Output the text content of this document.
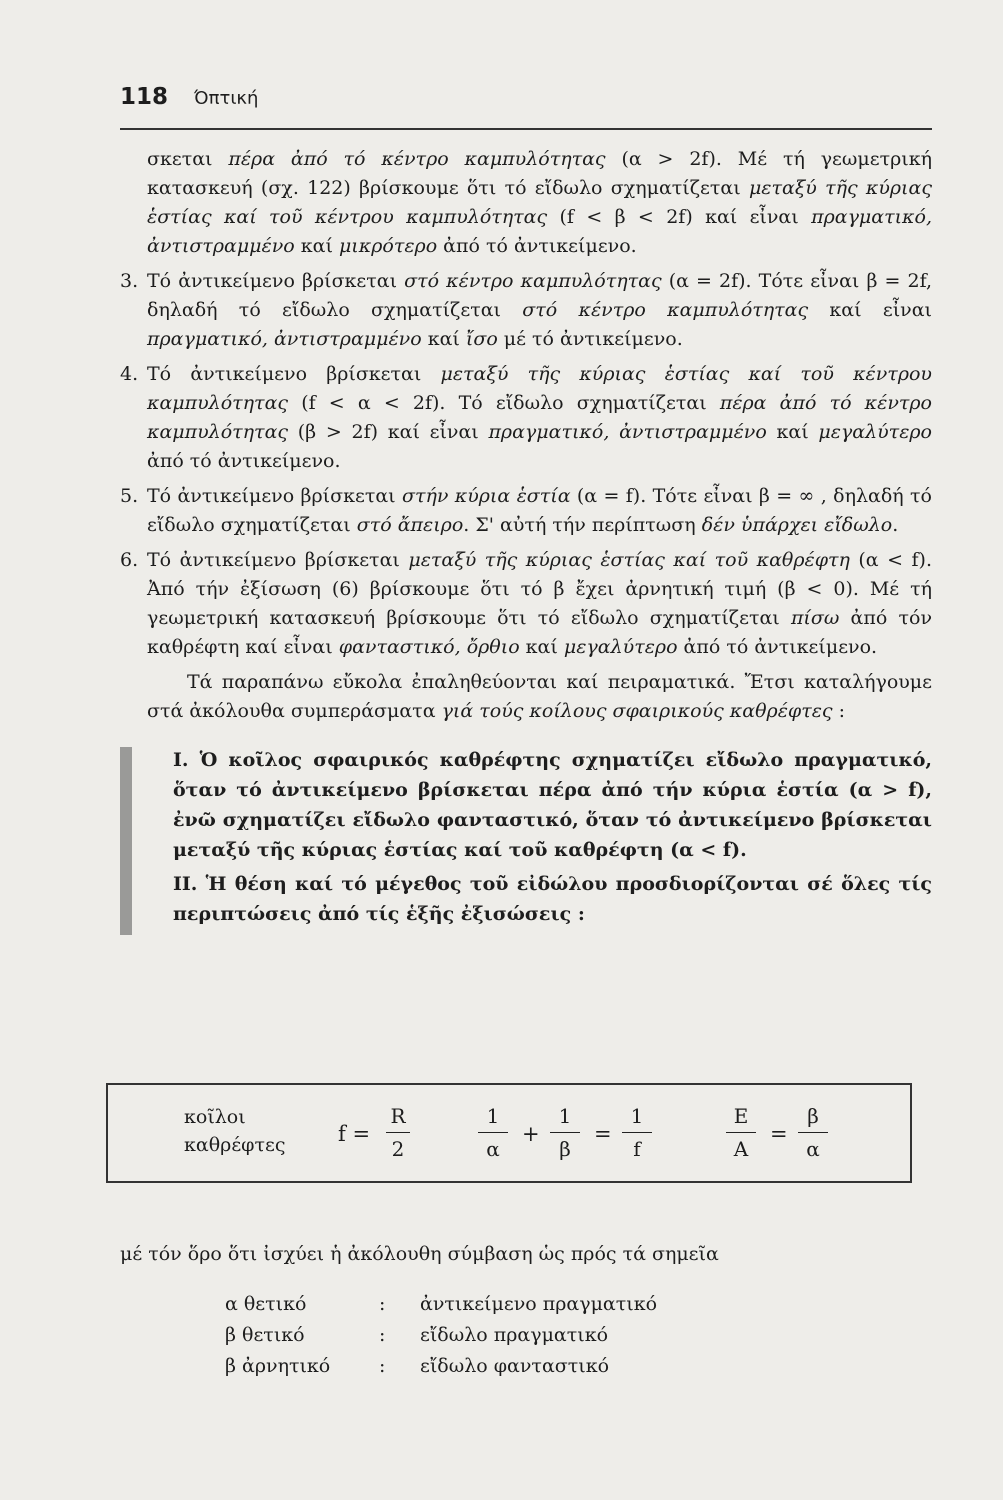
118 Όπτική

σκεται πέρα ἀπό τό κέντρο καμπυλότητας (α > 2f). Μέ τή γεωμετρική κατασκευή (σχ. 122) βρίσκουμε ὅτι τό εἴδωλο σχηματίζεται μεταξύ τῆς κύριας ἑστίας καί τοῦ κέντρου καμπυλότητας (f < β < 2f) καί εἶναι πραγματικό, ἀντιστραμμένο καί μικρότερο ἀπό τό ἀντικείμενο.

3. Τό ἀντικείμενο βρίσκεται στό κέντρο καμπυλότητας (α = 2f). Τότε εἶναι β = 2f, δηλαδή τό εἴδωλο σχηματίζεται στό κέντρο καμπυλότητας καί εἶναι πραγματικό, ἀντιστραμμένο καί ἴσο μέ τό ἀντικείμενο.
4. Τό ἀντικείμενο βρίσκεται μεταξύ τῆς κύριας ἑστίας καί τοῦ κέντρου καμπυλότητας (f < α < 2f). Τό εἴδωλο σχηματίζεται πέρα ἀπό τό κέντρο καμπυλότητας (β > 2f) καί εἶναι πραγματικό, ἀντιστραμμένο καί μεγαλύτερο ἀπό τό ἀντικείμενο.
5. Τό ἀντικείμενο βρίσκεται στήν κύρια ἑστία (α = f). Τότε εἶναι β = ∞ , δηλαδή τό εἴδωλο σχηματίζεται στό ἄπειρο. Σ' αὐτή τήν περίπτωση δέν ὑπάρχει εἴδωλο.
6. Τό ἀντικείμενο βρίσκεται μεταξύ τῆς κύριας ἑστίας καί τοῦ καθρέφτη (α < f). Ἀπό τήν ἐξίσωση (6) βρίσκουμε ὅτι τό β ἔχει ἀρνητική τιμή (β < 0). Μέ τή γεωμετρική κατασκευή βρίσκουμε ὅτι τό εἴδωλο σχηματίζεται πίσω ἀπό τόν καθρέφτη καί εἶναι φανταστικό, ὄρθιο καί μεγαλύτερο ἀπό τό ἀντικείμενο.

Τά παραπάνω εὔκολα ἐπαληθεύονται καί πειραματικά. Ἔτσι καταλήγουμε στά ἀκόλουθα συμπεράσματα γιά τούς κοίλους σφαιρικούς καθρέφτες :

Ι. Ὁ κοῖλος σφαιρικός καθρέφτης σχηματίζει εἴδωλο πραγματικό, ὅταν τό ἀντικείμενο βρίσκεται πέρα ἀπό τήν κύρια ἑστία (α > f), ἐνῶ σχηματίζει εἴδωλο φανταστικό, ὅταν τό ἀντικείμενο βρίσκεται μεταξύ τῆς κύριας ἑστίας καί τοῦ καθρέφτη (α < f).
ΙΙ. Ἡ θέση καί τό μέγεθος τοῦ εἰδώλου προσδιορίζονται σέ ὅλες τίς περιπτώσεις ἀπό τίς ἑξῆς ἐξισώσεις :
κοῖλοι
καθρέφτες	f =
R
2
1
α
+
1
β
=
1
f
Ε
Α
=
β
α
μέ τόν ὅρο ὅτι ἰσχύει ἡ ἀκόλουθη σύμβαση ὡς πρός τά σημεῖα
α θετικό	: ἀντικείμενο πραγματικό
β θετικό	: εἴδωλο πραγματικό
β ἀρνητικό	: εἴδωλο φανταστικό
